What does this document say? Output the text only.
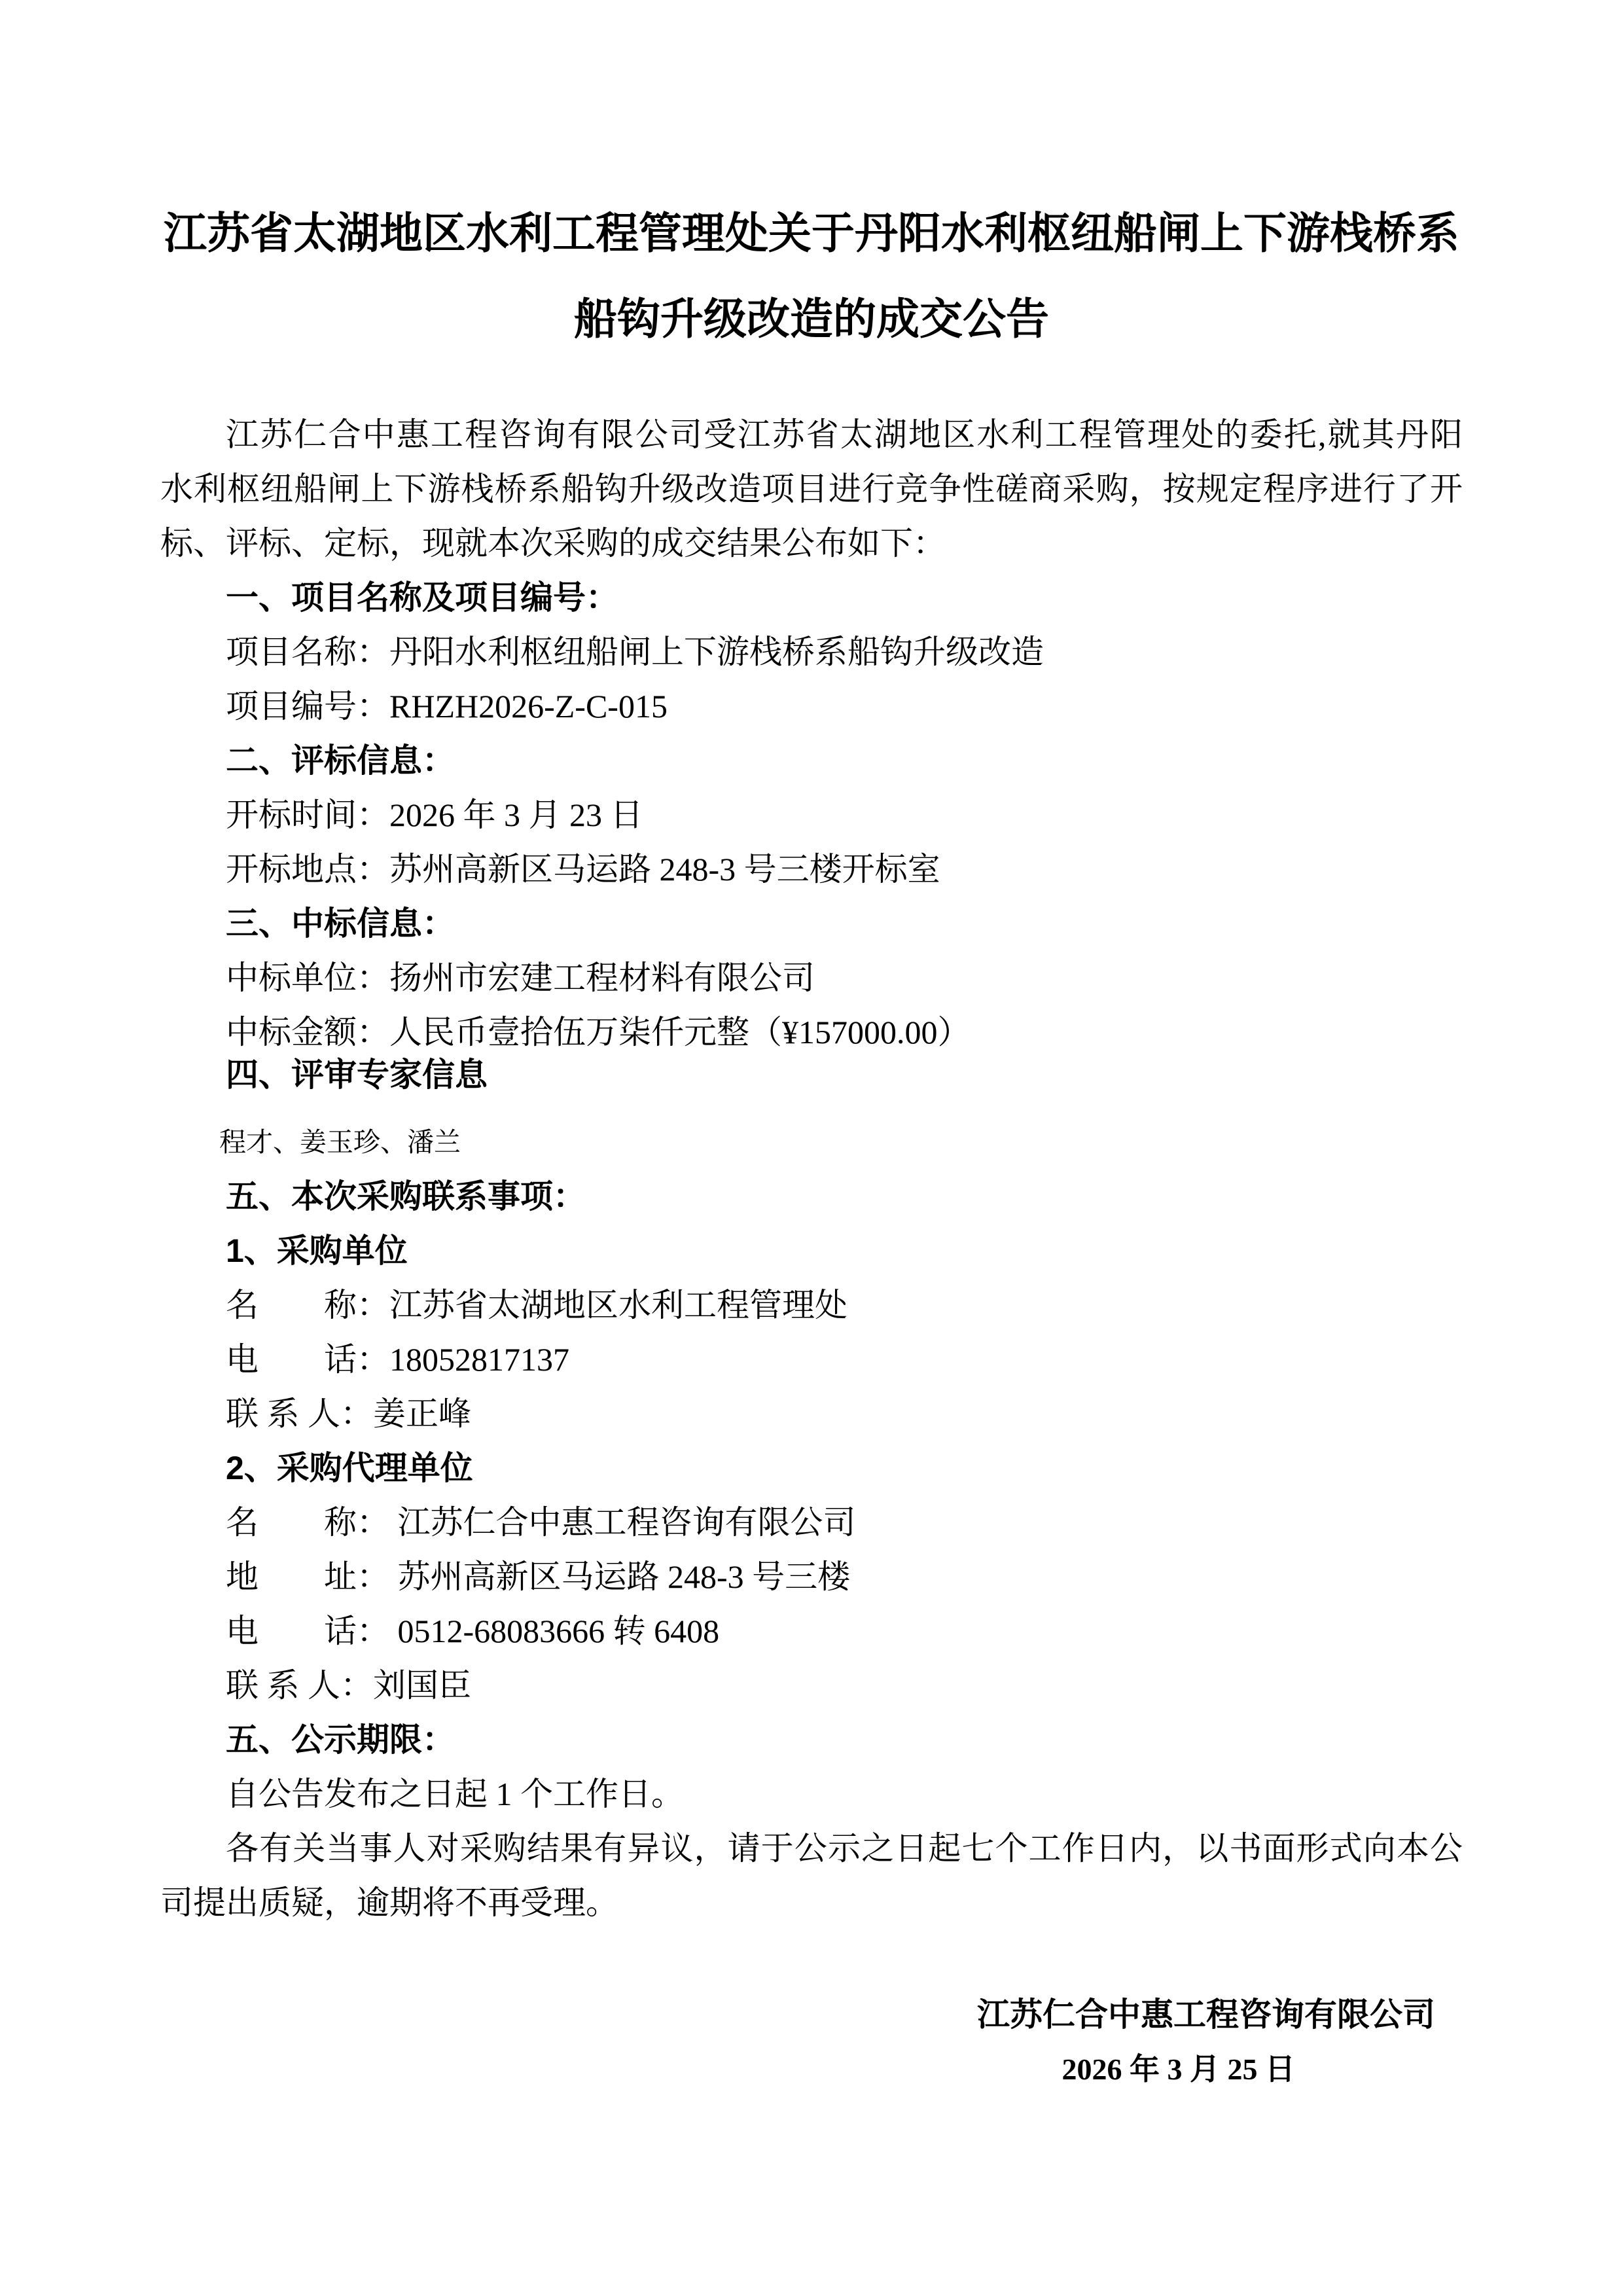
江苏省太湖地区水利工程管理处关于丹阳水利枢纽船闸上下游栈桥系
船钩升级改造的成交公告
江苏仁合中惠工程咨询有限公司受江苏省太湖地区水利工程管理处的委托,就其丹阳
水利枢纽船闸上下游栈桥系船钩升级改造项目进行竞争性磋商采购，按规定程序进行了开
标、评标、定标，现就本次采购的成交结果公布如下：
一、项目名称及项目编号：
项目名称：丹阳水利枢纽船闸上下游栈桥系船钩升级改造
项目编号：RHZH2026-Z-C-015
二、评标信息：
开标时间：2026 年 3 月 23 日
开标地点：苏州高新区马运路 248-3 号三楼开标室
三、中标信息：
中标单位：扬州市宏建工程材料有限公司
中标金额：人民币壹拾伍万柒仟元整（¥157000.00）
四、评审专家信息
程才、姜玉珍、潘兰
五、本次采购联系事项：
1、采购单位
名　　称：江苏省太湖地区水利工程管理处
电　　话：18052817137
联 系 人：姜正峰
2、采购代理单位
名　　称： 江苏仁合中惠工程咨询有限公司
地　　址： 苏州高新区马运路 248-3 号三楼
电　　话： 0512-68083666 转 6408
联 系 人：刘国臣
五、公示期限：
自公告发布之日起 1 个工作日。
各有关当事人对采购结果有异议，请于公示之日起七个工作日内，以书面形式向本公
司提出质疑，逾期将不再受理。
江苏仁合中惠工程咨询有限公司
2026 年 3 月 25 日
